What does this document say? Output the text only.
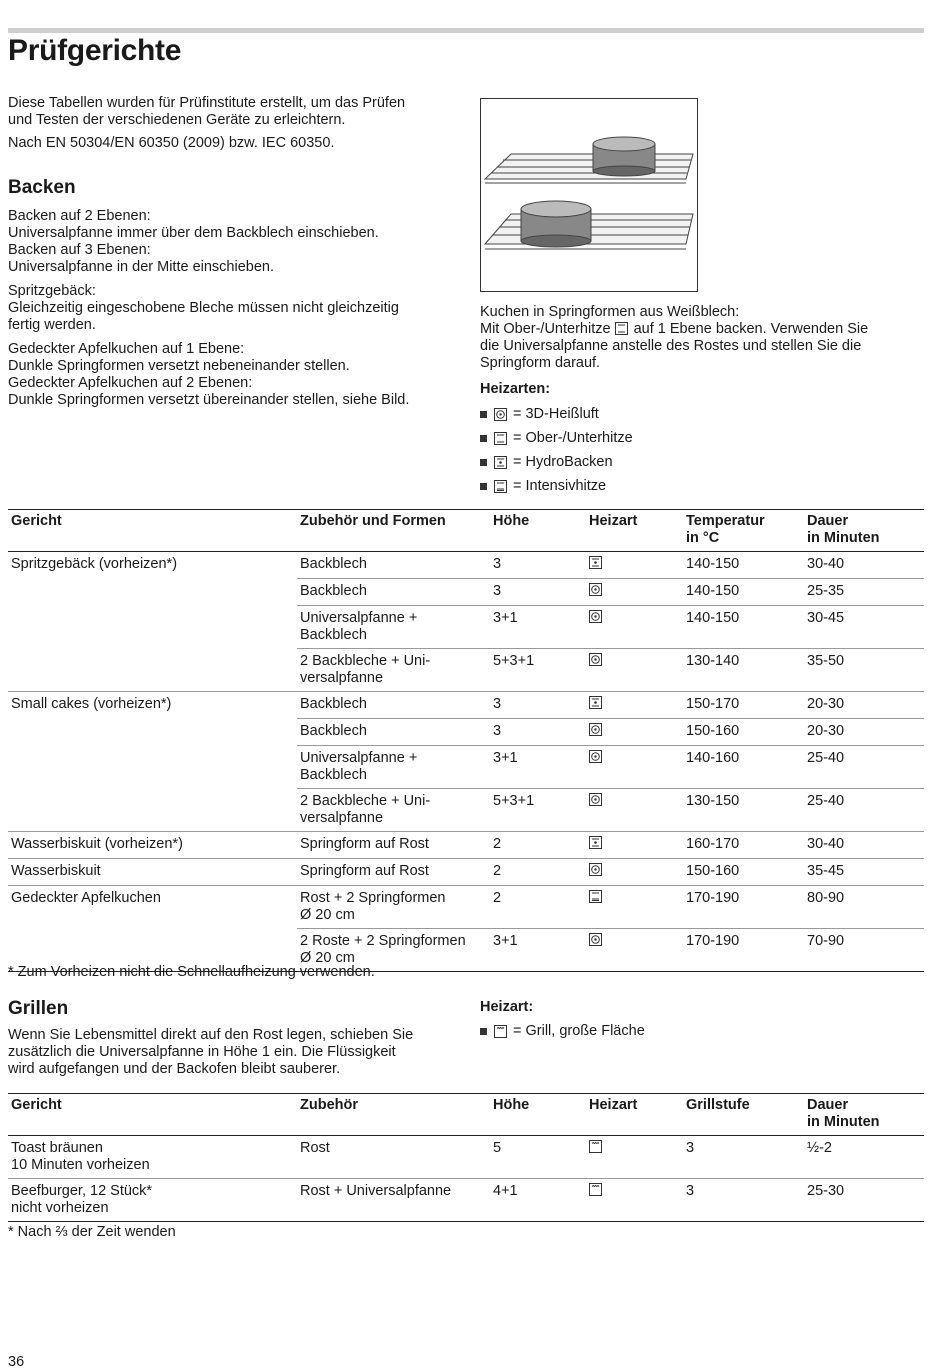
Prüfgerichte

Diese Tabellen wurden für Prüfinstitute erstellt, um das Prüfen
und Testen der verschiedenen Geräte zu erleichtern.

Nach EN 50304/EN 60350 (2009) bzw. IEC 60350.

Backen

Backen auf 2 Ebenen:
Universalpfanne immer über dem Backblech einschieben.
Backen auf 3 Ebenen:
Universalpfanne in der Mitte einschieben.

Spritzgebäck:
Gleichzeitig eingeschobene Bleche müssen nicht gleichzeitig
fertig werden.

Gedeckter Apfelkuchen auf 1 Ebene:
Dunkle Springformen versetzt nebeneinander stellen.
Gedeckter Apfelkuchen auf 2 Ebenen:
Dunkle Springformen versetzt übereinander stellen, siehe Bild.

Kuchen in Springformen aus Weißblech:
Mit Ober-/Unterhitze auf 1 Ebene backen. Verwenden Sie
die Universalpfanne anstelle des Rostes und stellen Sie die
Springform darauf.

Heizarten:
= 3D-Heißluft
= Ober-/Unterhitze
= HydroBacken
= Intensivhitze
Gericht	Zubehör und Formen	Höhe	Heizart	Temperatur
in °C	Dauer
in Minuten
Spritzgebäck (vorheizen*)	Backblech	3		140-150	30-40
	Backblech	3		140-150	25-35
	Universalpfanne +
Backblech	3+1		140-150	30-45
	2 Backbleche + Uni-
versalpfanne	5+3+1		130-140	35-50
Small cakes (vorheizen*)	Backblech	3		150-170	20-30
	Backblech	3		150-160	20-30
	Universalpfanne +
Backblech	3+1		140-160	25-40
	2 Backbleche + Uni-
versalpfanne	5+3+1		130-150	25-40
Wasserbiskuit (vorheizen*)	Springform auf Rost	2		160-170	30-40
Wasserbiskuit	Springform auf Rost	2		150-160	35-45
Gedeckter Apfelkuchen	Rost + 2 Springformen
Ø 20 cm	2		170-190	80-90
	2 Roste + 2 Springformen
Ø 20 cm	3+1		170-190	70-90
* Zum Vorheizen nicht die Schnellaufheizung verwenden.
Grillen

Wenn Sie Lebensmittel direkt auf den Rost legen, schieben Sie
zusätzlich die Universalpfanne in Höhe 1 ein. Die Flüssigkeit
wird aufgefangen und der Backofen bleibt sauberer.

Heizart:
= Grill, große Fläche
Gericht	Zubehör	Höhe	Heizart	Grillstufe	Dauer
in Minuten
Toast bräunen
10 Minuten vorheizen	Rost	5		3	½-2
Beefburger, 12 Stück*
nicht vorheizen	Rost + Universalpfanne	4+1		3	25-30
* Nach ⅔ der Zeit wenden
36
